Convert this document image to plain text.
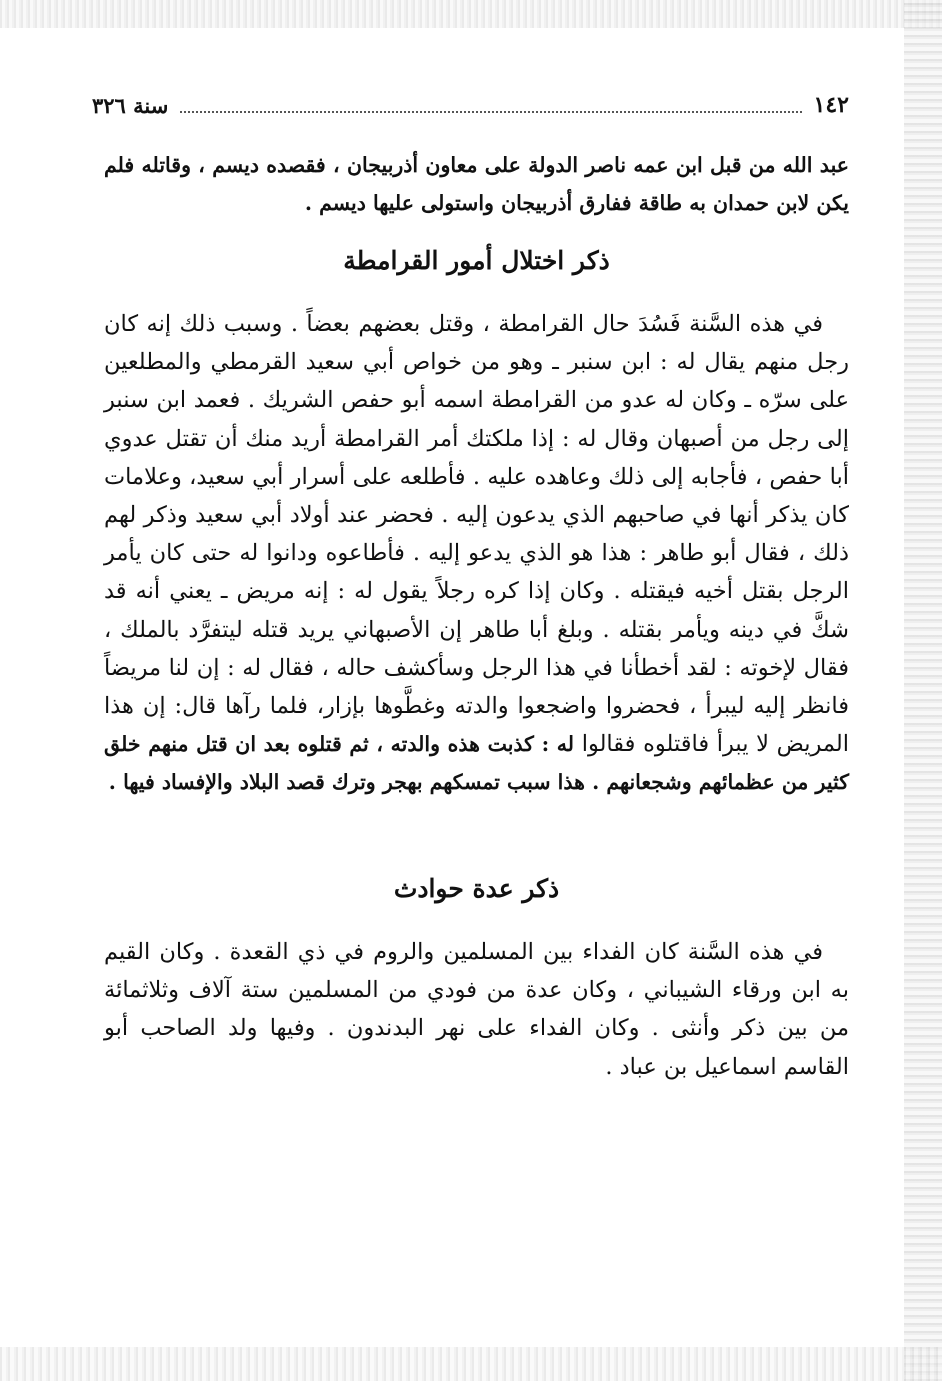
١٤٢
سنة ٣٢٦

عبد الله من قبل ابن عمه ناصر الدولة على معاون أذربيجان ، فقصده ديسم ، وقاتله فلم يكن لابن حمدان به طاقة ففارق أذربيجان واستولى عليها ديسم .

ذكر اختلال أمور القرامطة

في هذه السَّنة فَسُدَ حال القرامطة ، وقتل بعضهم بعضاً . وسبب ذلك إنه كان رجل منهم يقال له : ابن سنبر ـ وهو من خواص أبي سعيد القرمطي والمطلعين على سرّه ـ وكان له عدو من القرامطة اسمه أبو حفص الشريك . فعمد ابن سنبر إلى رجل من أصبهان وقال له : إذا ملكتك أمر القرامطة أريد منك أن تقتل عدوي أبا حفص ، فأجابه إلى ذلك وعاهده عليه . فأطلعه على أسرار أبي سعيد، وعلامات كان يذكر أنها في صاحبهم الذي يدعون إليه . فحضر عند أولاد أبي سعيد وذكر لهم ذلك ، فقال أبو طاهر : هذا هو الذي يدعو إليه . فأطاعوه ودانوا له حتى كان يأمر الرجل بقتل أخيه فيقتله . وكان إذا كره رجلاً يقول له : إنه مريض ـ يعني أنه قد شكَّ في دينه ويأمر بقتله . وبلغ أبا طاهر إن الأصبهاني يريد قتله ليتفرَّد بالملك ، فقال لإخوته : لقد أخطأنا في هذا الرجل وسأكشف حاله ، فقال له : إن لنا مريضاً فانظر إليه ليبرأ ، فحضروا واضجعوا والدته وغطَّوها بإزار، فلما رآها قال: إن هذا المريض لا يبرأ فاقتلوه فقالوا له : كذبت هذه والدته ، ثم قتلوه بعد ان قتل منهم خلق كثير من عظمائهم وشجعانهم . هذا سبب تمسكهم بهجر وترك قصد البلاد والإفساد فيها .

ذكر عدة حوادث

في هذه السَّنة كان الفداء بين المسلمين والروم في ذي القعدة . وكان القيم به ابن ورقاء الشيباني ، وكان عدة من فودي من المسلمين ستة آلاف وثلاثمائة من بين ذكر وأنثى . وكان الفداء على نهر البدندون . وفيها ولد الصاحب أبو القاسم اسماعيل بن عباد .
